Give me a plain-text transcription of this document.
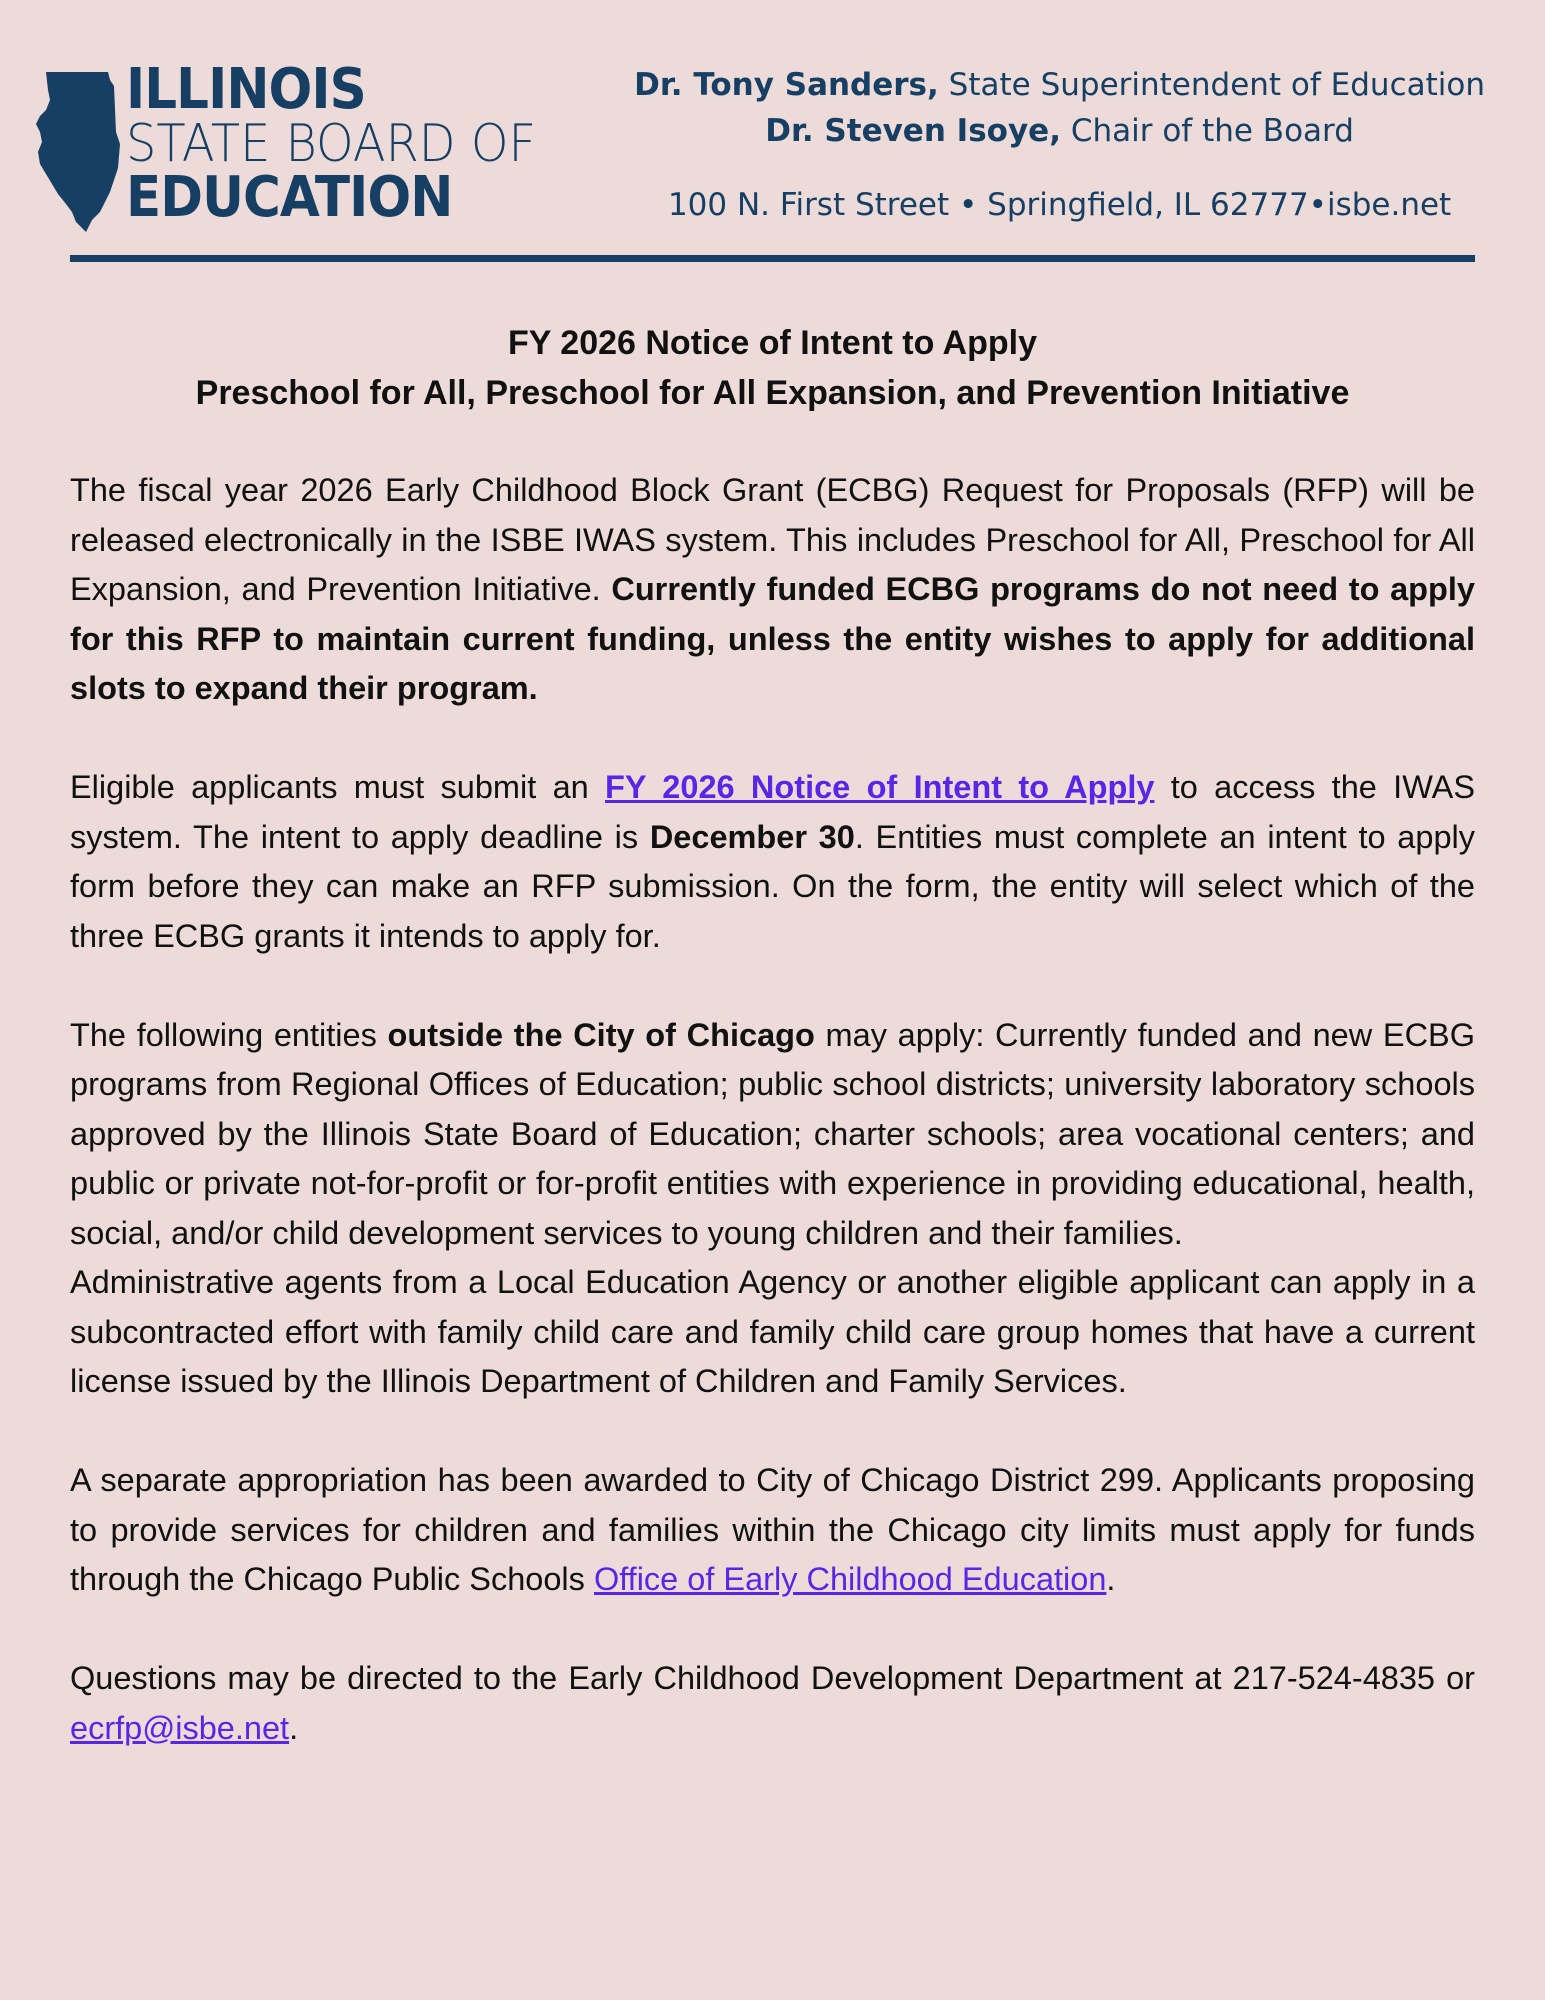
ILLINOIS
STATE BOARD OF
EDUCATION
Dr. Tony Sanders, State Superintendent of Education
Dr. Steven Isoye, Chair of the Board
100 N. First Street • Springfield, IL 62777•isbe.net
FY 2026 Notice of Intent to Apply
Preschool for All, Preschool for All Expansion, and Prevention Initiative

The fiscal year 2026 Early Childhood Block Grant (ECBG) Request for Proposals (RFP) will be released electronically in the ISBE IWAS system. This includes Preschool for All, Preschool for All Expansion, and Prevention Initiative. Currently funded ECBG programs do not need to apply for this RFP to maintain current funding, unless the entity wishes to apply for additional slots to expand their program.

Eligible applicants must submit an FY 2026 Notice of Intent to Apply to access the IWAS system. The intent to apply deadline is December 30. Entities must complete an intent to apply form before they can make an RFP submission. On the form, the entity will select which of the three ECBG grants it intends to apply for.

The following entities outside the City of Chicago may apply: Currently funded and new ECBG programs from Regional Offices of Education; public school districts; university laboratory schools approved by the Illinois State Board of Education; charter schools; area vocational centers; and public or private not-for-profit or for-profit entities with experience in providing educational, health, social, and/or child development services to young children and their families.

Administrative agents from a Local Education Agency or another eligible applicant can apply in a subcontracted effort with family child care and family child care group homes that have a current license issued by the Illinois Department of Children and Family Services.

A separate appropriation has been awarded to City of Chicago District 299. Applicants proposing to provide services for children and families within the Chicago city limits must apply for funds through the Chicago Public Schools Office of Early Childhood Education.

Questions may be directed to the Early Childhood Development Department at 217-524-4835 or ecrfp@isbe.net.
